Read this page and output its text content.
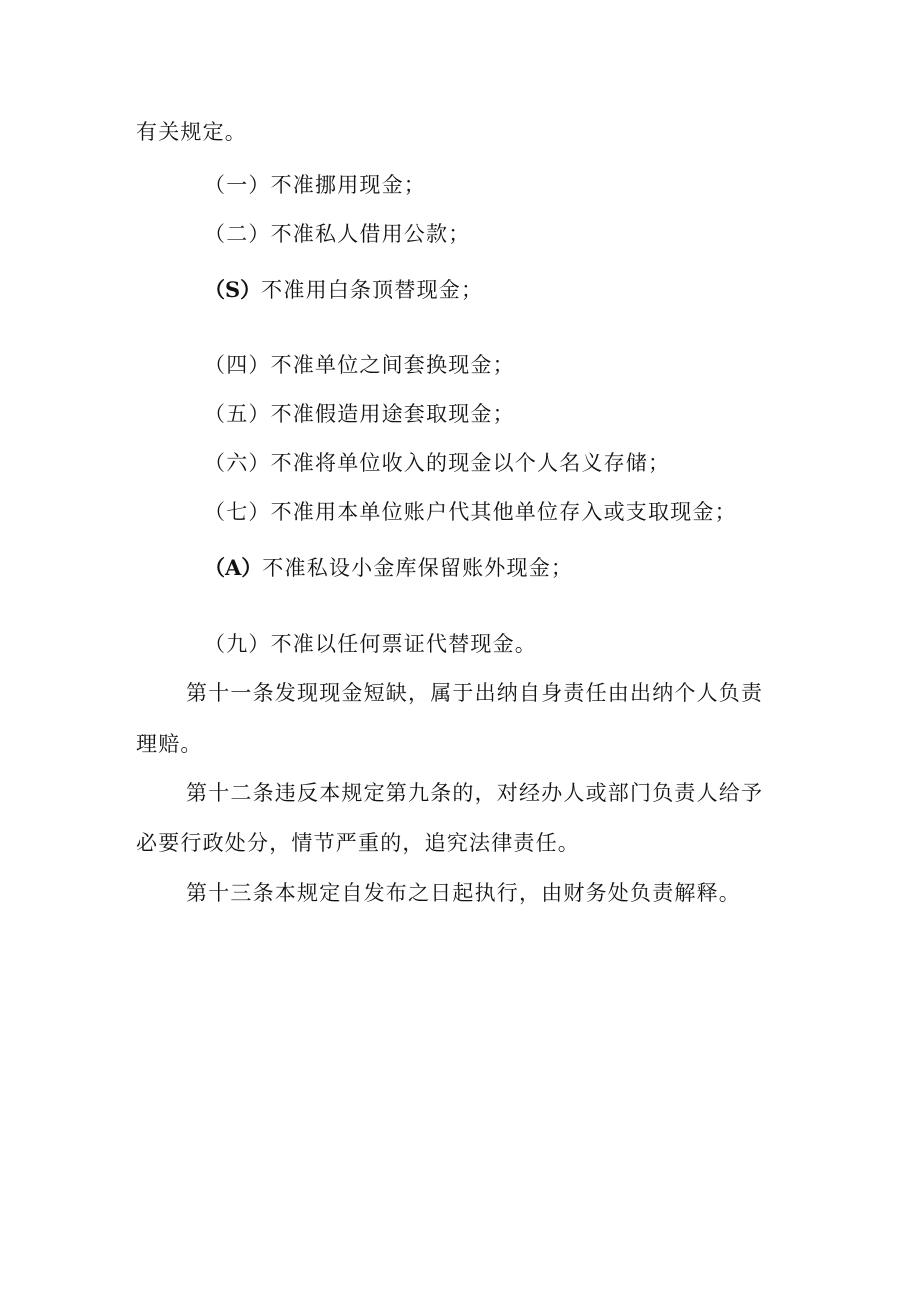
有关规定。
（一）不准挪用现金；
（二）不准私人借用公款；
（S）不准用白条顶替现金；
（四）不准单位之间套换现金；
（五）不准假造用途套取现金；
（六）不准将单位收入的现金以个人名义存储；
（七）不准用本单位账户代其他单位存入或支取现金；
（A）不准私设小金库保留账外现金；
（九）不准以任何票证代替现金。
第十一条发现现金短缺，属于出纳自身责任由出纳个人负责
理赔。
第十二条违反本规定第九条的，对经办人或部门负责人给予
必要行政处分，情节严重的，追究法律责任。
第十三条本规定自发布之日起执行，由财务处负责解释。
